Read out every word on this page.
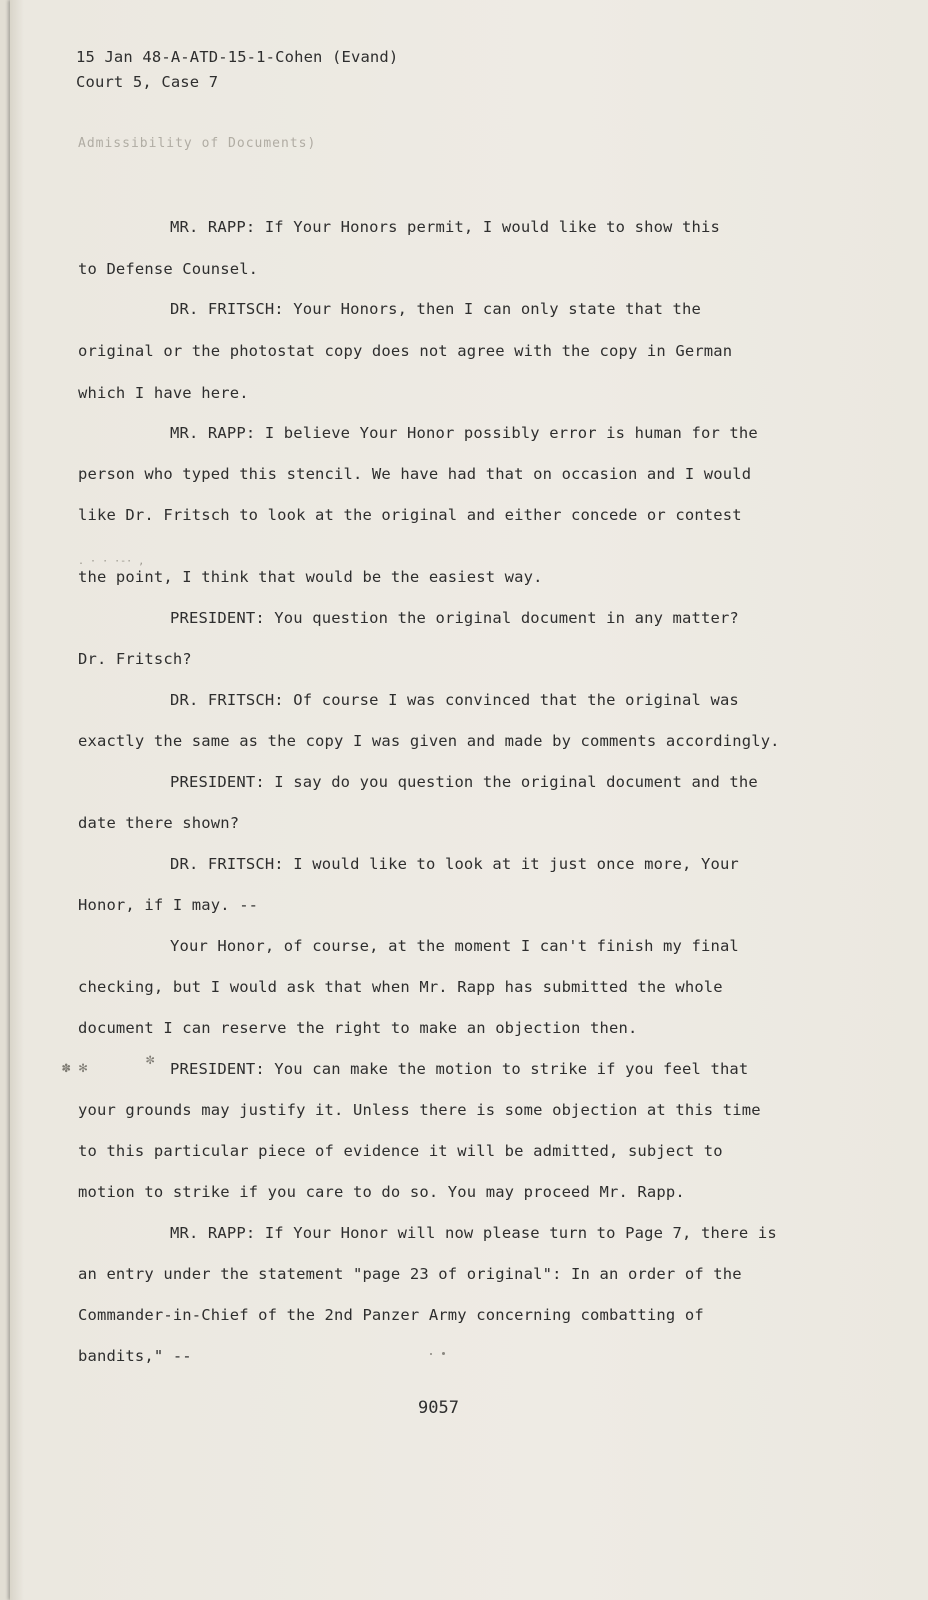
15 Jan 48-A-ATD-15-1-Cohen (Evand)
Court 5, Case 7
Admissibility of Documents)
. · · ·-· ,
✽ ✻	✼
MR. RAPP: If Your Honors permit, I would like to show this
to Defense Counsel.
DR. FRITSCH: Your Honors, then I can only state that the
original or the photostat copy does not agree with the copy in German
which I have here.
MR. RAPP: I believe Your Honor possibly error is human for the
person who typed this stencil. We have had that on occasion and I would
like Dr. Fritsch to look at the original and either concede or contest
the point, I think that would be the easiest way.
PRESIDENT: You question the original document in any matter?
Dr. Fritsch?
DR. FRITSCH: Of course I was convinced that the original was
exactly the same as the copy I was given and made by comments accordingly.
PRESIDENT: I say do you question the original document and the
date there shown?
DR. FRITSCH: I would like to look at it just once more, Your
Honor, if I may. --
Your Honor, of course, at the moment I can't finish my final
checking, but I would ask that when Mr. Rapp has submitted the whole
document I can reserve the right to make an objection then.
PRESIDENT: You can make the motion to strike if you feel that
your grounds may justify it. Unless there is some objection at this time
to this particular piece of evidence it will be admitted, subject to
motion to strike if you care to do so. You may proceed Mr. Rapp.
MR. RAPP: If Your Honor will now please turn to Page 7, there is
an entry under the statement "page 23 of original": In an order of the
Commander-in-Chief of the 2nd Panzer Army concerning combatting of
bandits," --
9057
